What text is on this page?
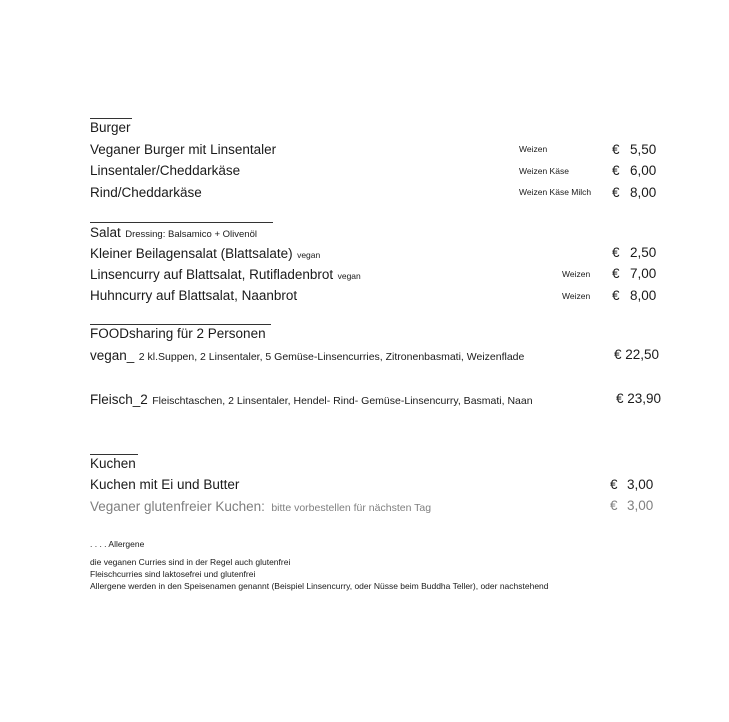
Burger
Veganer Burger mit Linsentaler	Weizen	€ 5,50
Linsentaler/Cheddarkäse	Weizen Käse	€ 6,00
Rind/Cheddarkäse	Weizen Käse Milch € 8,00
Salat Dressing: Balsamico + Olivenöl
Kleiner Beilagensalat (Blattsalate) vegan	€ 2,50
Linsencurry auf Blattsalat, Rutifladenbrot vegan	Weizen € 7,00
Huhncurry auf Blattsalat, Naanbrot	Weizen € 8,00
FOODsharing für 2 Personen
vegan_ 2 kl.Suppen, 2 Linsentaler, 5 Gemüse-Linsencurries, Zitronenbasmati, Weizenflade	€ 22,50
Fleisch_2 Fleischtaschen, 2 Linsentaler, Hendel- Rind- Gemüse-Linsencurry, Basmati, Naan	€ 23,90
Kuchen
Kuchen mit Ei und Butter	€ 3,00
Veganer glutenfreier Kuchen: bitte vorbestellen für nächsten Tag	€ 3,00
. . . . Allergene
die veganen Curries sind in der Regel auch glutenfrei
Fleischcurries sind laktosefrei und glutenfrei
Allergene werden in den Speisenamen genannt (Beispiel Linsencurry, oder Nüsse beim Buddha Teller), oder nachstehend
